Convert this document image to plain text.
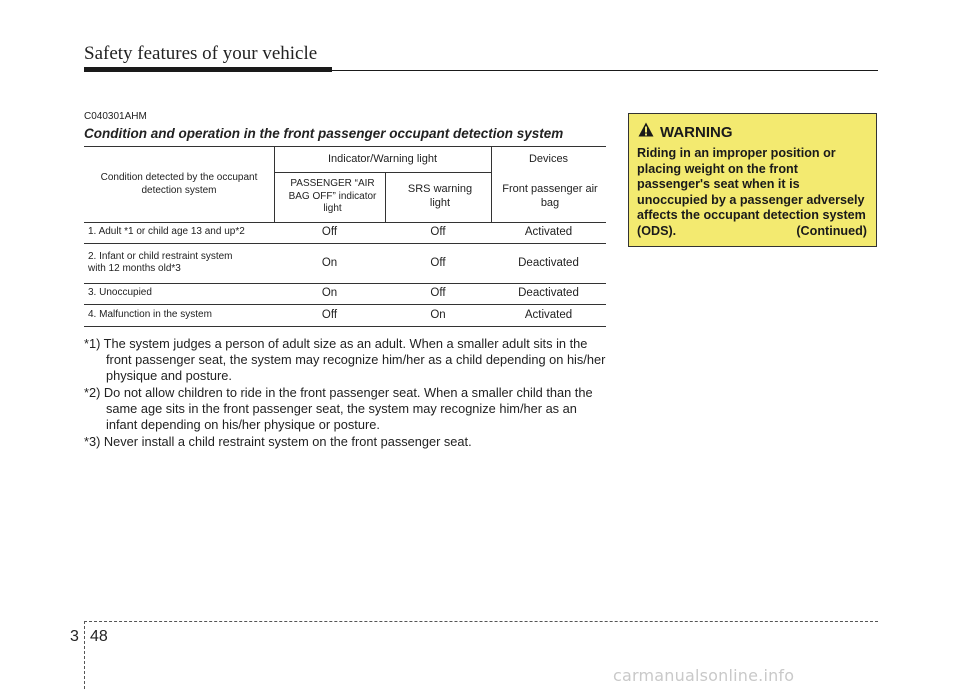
Safety features of your vehicle
C040301AHM
Condition and operation in the front passenger occupant detection system
Condition detected by the occupant detection system
Indicator/Warning light	Devices
PASSENGER “AIR BAG OFF” indicator light
SRS warning light
Front passenger air bag
1. Adult *1 or child age 13 and up*2	Off	Off	Activated
2. Infant or child restraint system with 12 months old*3	On	Off	Deactivated
3. Unoccupied	On	Off	Deactivated
4. Malfunction in the system	Off	On	Activated
*1) The system judges a person of adult size as an adult. When a smaller adult sits in the front passenger seat, the system may recognize him/her as a child depending on his/her physique and posture.
*2) Do not allow children to ride in the front passenger seat. When a smaller child than the same age sits in the front passenger seat, the system may recognize him/her as an infant depending on his/her physique or posture.
*3) Never install a child restraint system on the front passenger seat.
WARNING
Riding in an improper position or placing weight on the front passenger's seat when it is unoccupied by a passenger adversely affects the occupant detection system (ODS).	(Continued)
3 48
carmanualsonline.info
